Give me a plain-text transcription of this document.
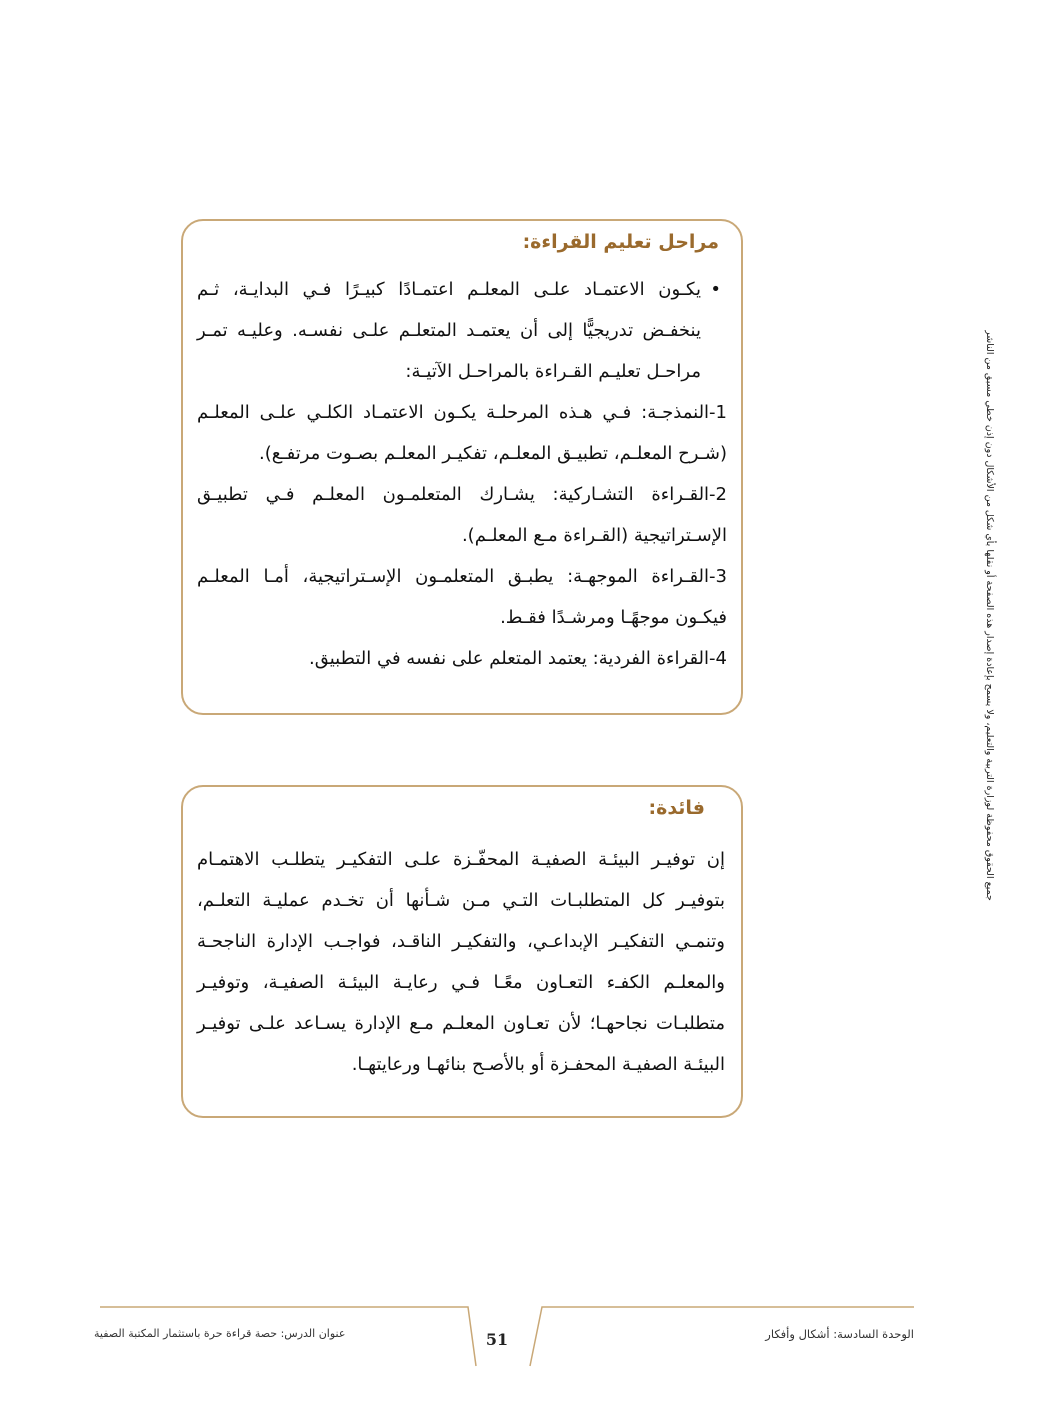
مراحل تعليم القراءة:

•
يكـون الاعتمـاد علـى المعلـم اعتمـادًا كبيـرًا فـي البدايـة، ثـم ينخفـض تدريجيًّا إلى أن يعتمـد المتعلـم علـى نفسـه. وعليـه تمـر مراحـل تعليـم القـراءة بالمراحـل الآتيـة:

1-النمذجـة: فـي هـذه المرحلـة يكـون الاعتمـاد الكلـي علـى المعلـم (شـرح المعلـم، تطبيـق المعلـم، تفكيـر المعلـم بصـوت مرتفـع).

2-القـراءة التشـاركية: يشـارك المتعلمـون المعلـم فـي تطبيـق الإسـتراتيجية (القـراءة مـع المعلـم).

3-القـراءة الموجهـة: يطبـق المتعلمـون الإسـتراتيجية، أمـا المعلـم فيكـون موجهًـا ومرشـدًا فقـط.

4-القراءة الفردية: يعتمد المتعلم على نفسه في التطبيق.

فائدة:

إن توفيـر البيئـة الصفيـة المحفّـزة علـى التفكيـر يتطلـب الاهتمـام بتوفيـر كل المتطلبـات التـي مـن شـأنها أن تخـدم عمليـة التعلـم، وتنمـي التفكيـر الإبداعـي، والتفكيـر الناقـد، فواجـب الإدارة الناجحـة والمعلـم الكفـء التعـاون معًـا فـي رعايـة البيئـة الصفيـة، وتوفيـر متطلبـات نجاحهـا؛ لأن تعـاون المعلـم مـع الإدارة يسـاعد علـى توفيـر البيئـة الصفيـة المحفـزة أو بالأصـح بنائهـا ورعايتهـا.

جميع الحقوق محفوظة لوزارة التربية والتعليم، ولا يسمح بإعادة إصدار هذه الصفحة أو نقلها بأي شكل من الأشكال دون إذن خطي مسبق من الناشر
عنوان الدرس: حصة قراءة حرة باستثمار المكتبة الصفية	51	الوحدة السادسة: أشكال وأفكار
